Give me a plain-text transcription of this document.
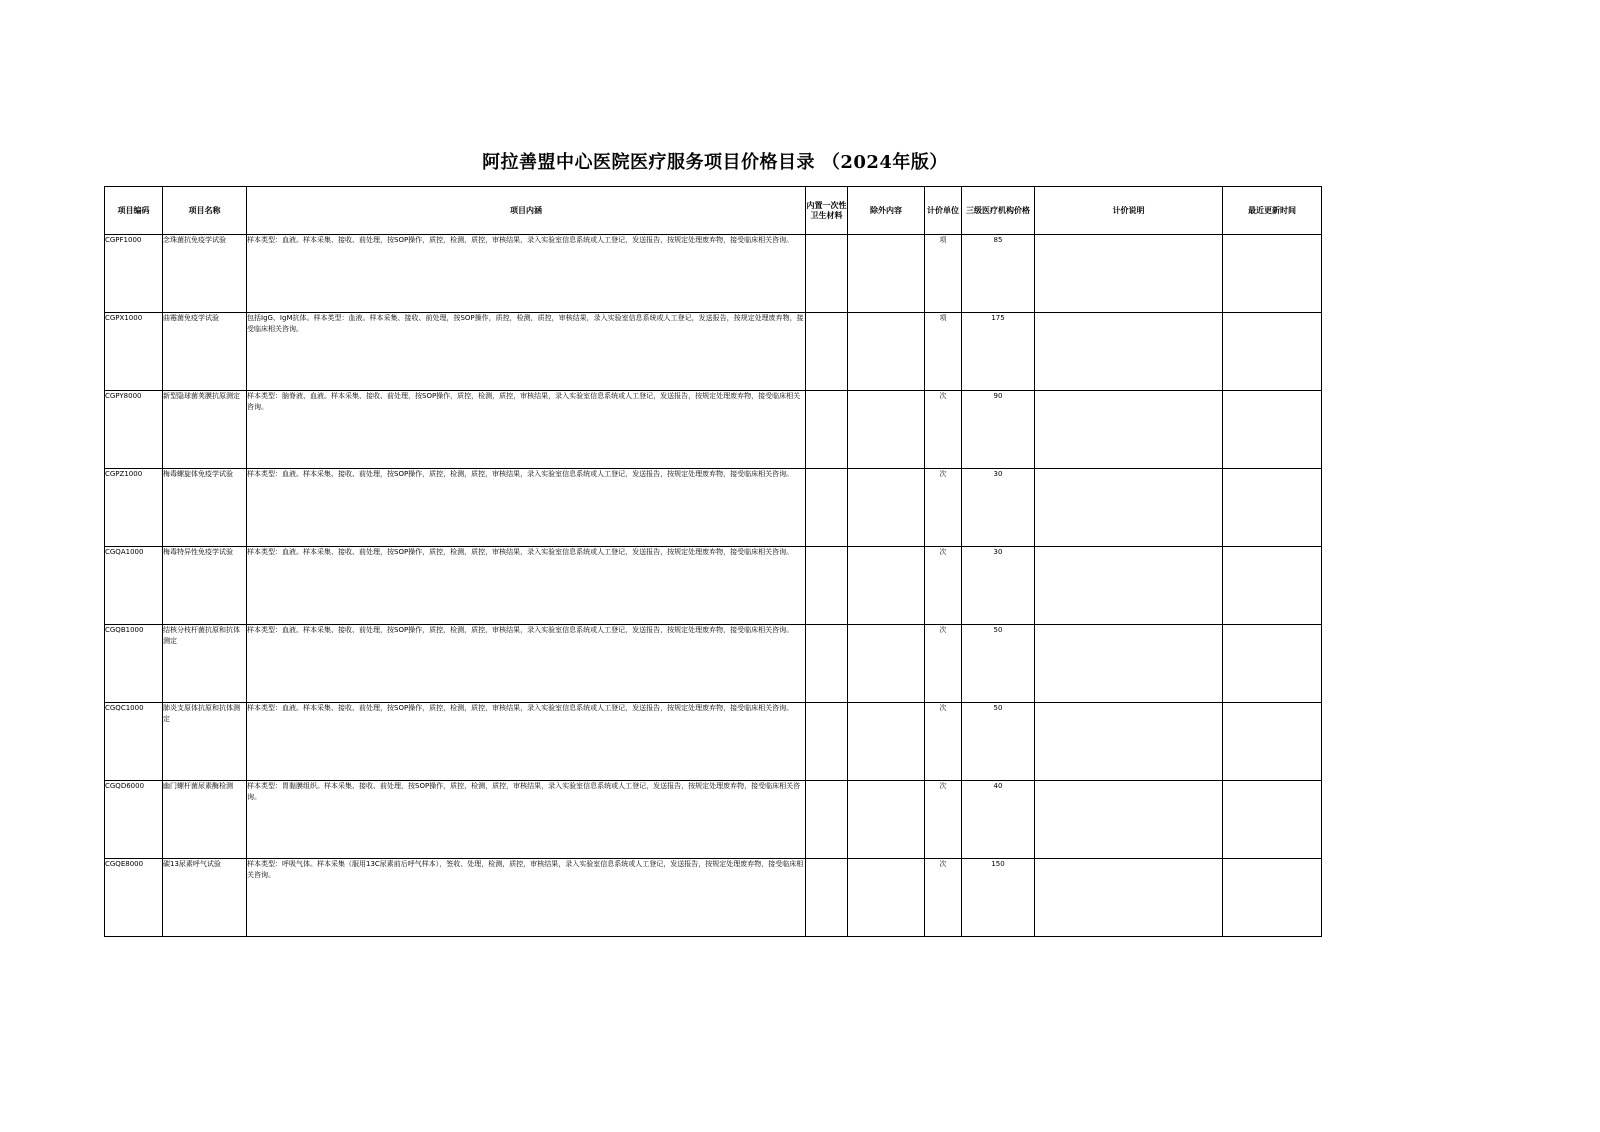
阿拉善盟中心医院医疗服务项目价格目录 （2024年版）
项目编码	项目名称	项目内涵	内置一次性卫生材料	除外内容	计价单位	三级医疗机构价格	计价说明	最近更新时间
CGPF1000	念珠菌抗免疫学试验	样本类型：血液。样本采集、接收、前处理，按SOP操作，质控，检测，质控，审核结果，录入实验室信息系统或人工登记，发送报告，按规定处理废弃物，接受临床相关咨询。			项	85		
CGPX1000	曲霉菌免疫学试验	包括IgG、IgM抗体。样本类型：血液。样本采集、接收、前处理，按SOP操作，质控，检测，质控，审核结果，录入实验室信息系统或人工登记，发送报告，按规定处理废弃物，接受临床相关咨询。			项	175		
CGPY8000	新型隐球菌荚膜抗原测定	样本类型：脑脊液、血液。样本采集、接收、前处理，按SOP操作，质控，检测，质控，审核结果，录入实验室信息系统或人工登记，发送报告，按规定处理废弃物，接受临床相关咨询。			次	90		
CGPZ1000	梅毒螺旋体免疫学试验	样本类型：血液。样本采集、接收、前处理，按SOP操作，质控，检测，质控，审核结果，录入实验室信息系统或人工登记，发送报告，按规定处理废弃物，接受临床相关咨询。			次	30		
CGQA1000	梅毒特异性免疫学试验	样本类型：血液。样本采集、接收、前处理，按SOP操作，质控，检测，质控，审核结果，录入实验室信息系统或人工登记，发送报告，按规定处理废弃物，接受临床相关咨询。			次	30		
CGQB1000	结核分枝杆菌抗原和抗体测定	样本类型：血液。样本采集、接收、前处理，按SOP操作，质控，检测，质控，审核结果，录入实验室信息系统或人工登记，发送报告，按规定处理废弃物，接受临床相关咨询。			次	50		
CGQC1000	肺炎支原体抗原和抗体测定	样本类型：血液。样本采集、接收、前处理，按SOP操作，质控，检测，质控，审核结果，录入实验室信息系统或人工登记，发送报告，按规定处理废弃物，接受临床相关咨询。			次	50		
CGQD6000	幽门螺杆菌尿素酶检测	样本类型：胃黏膜组织。样本采集、接收、前处理，按SOP操作，质控，检测，质控，审核结果，录入实验室信息系统或人工登记，发送报告，按规定处理废弃物，接受临床相关咨询。			次	40		
CGQE8000	碳13尿素呼气试验	样本类型：呼吸气体。样本采集（服用13C尿素前后呼气样本），签收、处理，检测，质控，审核结果，录入实验室信息系统或人工登记，发送报告，按规定处理废弃物，接受临床相关咨询。			次	150		
